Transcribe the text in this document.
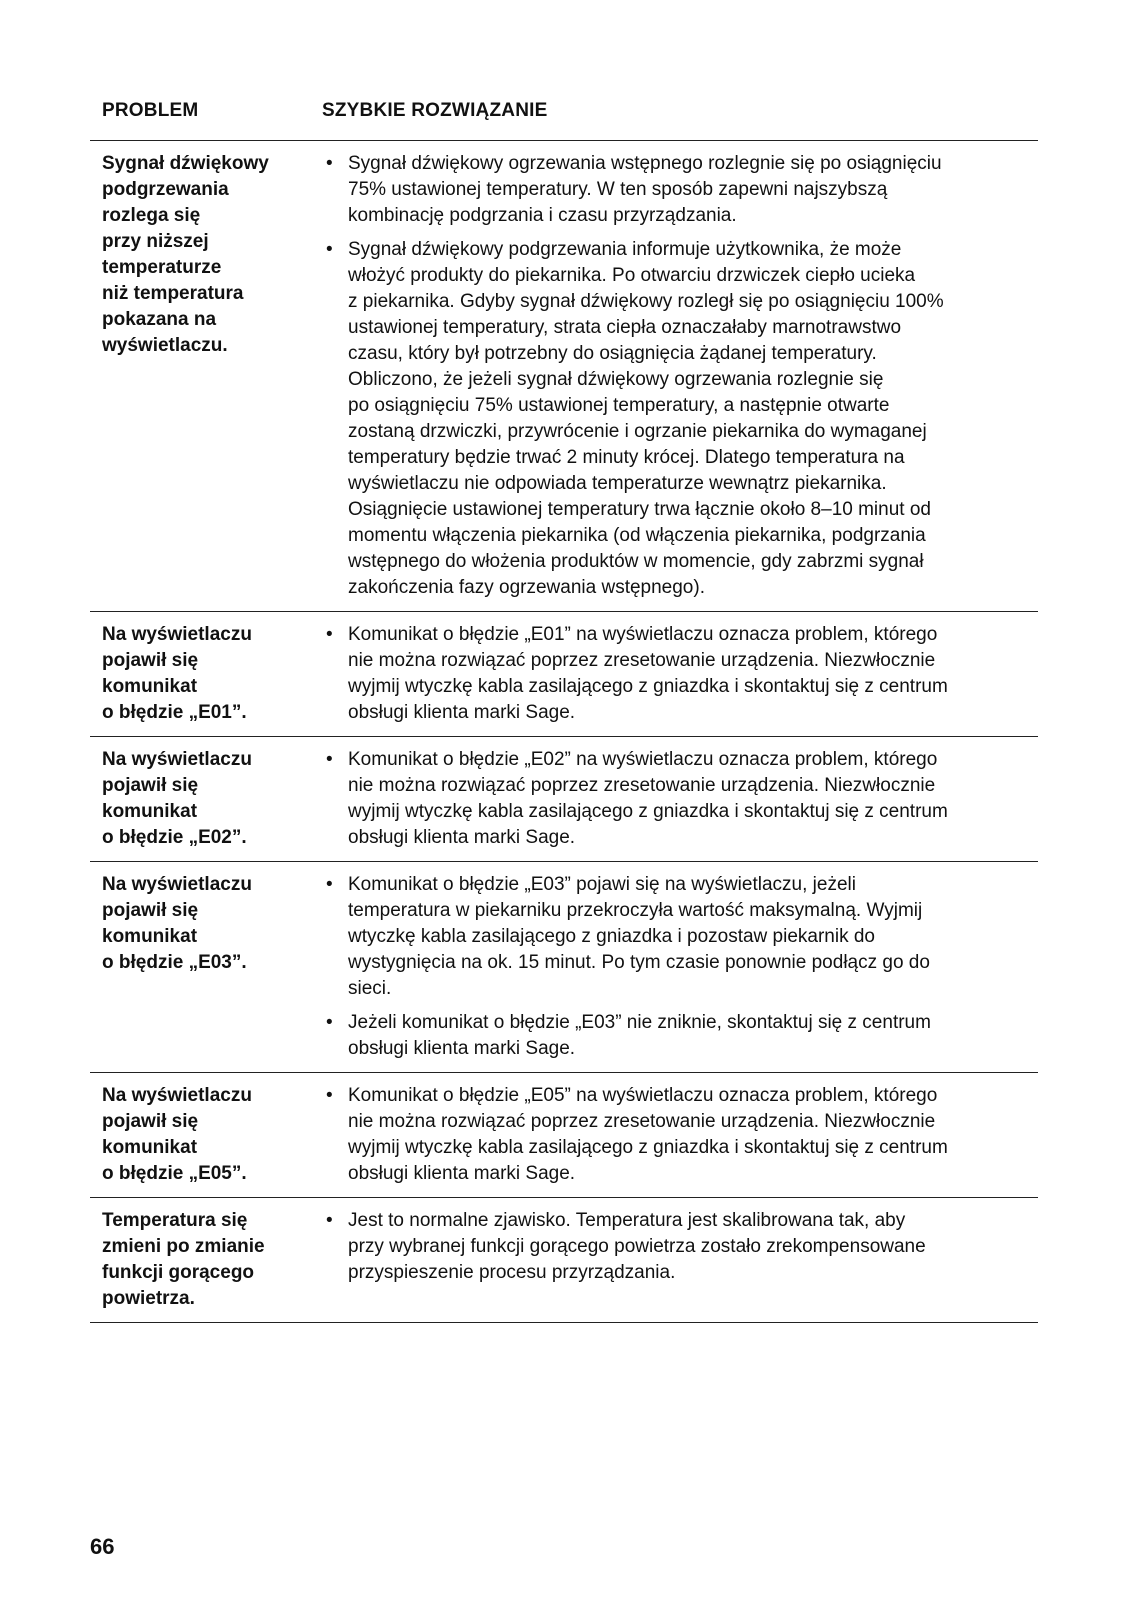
PROBLEM	SZYBKIE ROZWIĄZANIE
Sygnał dźwiękowy
podgrzewania
rozlega się
przy niższej
temperaturze
niż temperatura
pokazana na
wyświetlaczu.
• Sygnał dźwiękowy ogrzewania wstępnego rozlegnie się po osiągnięciu
75% ustawionej temperatury. W ten sposób zapewni najszybszą
kombinację podgrzania i czasu przyrządzania.
• Sygnał dźwiękowy podgrzewania informuje użytkownika, że może
włożyć produkty do piekarnika. Po otwarciu drzwiczek ciepło ucieka
z piekarnika. Gdyby sygnał dźwiękowy rozległ się po osiągnięciu 100%
ustawionej temperatury, strata ciepła oznaczałaby marnotrawstwo
czasu, który był potrzebny do osiągnięcia żądanej temperatury.
Obliczono, że jeżeli sygnał dźwiękowy ogrzewania rozlegnie się
po osiągnięciu 75% ustawionej temperatury, a następnie otwarte
zostaną drzwiczki, przywrócenie i ogrzanie piekarnika do wymaganej
temperatury będzie trwać 2 minuty krócej. Dlatego temperatura na
wyświetlaczu nie odpowiada temperaturze wewnątrz piekarnika.
Osiągnięcie ustawionej temperatury trwa łącznie około 8–10 minut od
momentu włączenia piekarnika (od włączenia piekarnika, podgrzania
wstępnego do włożenia produktów w momencie, gdy zabrzmi sygnał
zakończenia fazy ogrzewania wstępnego).
Na wyświetlaczu
pojawił się
komunikat
o błędzie „E01”.
• Komunikat o błędzie „E01” na wyświetlaczu oznacza problem, którego
nie można rozwiązać poprzez zresetowanie urządzenia. Niezwłocznie
wyjmij wtyczkę kabla zasilającego z gniazdka i skontaktuj się z centrum
obsługi klienta marki Sage.
Na wyświetlaczu
pojawił się
komunikat
o błędzie „E02”.
• Komunikat o błędzie „E02” na wyświetlaczu oznacza problem, którego
nie można rozwiązać poprzez zresetowanie urządzenia. Niezwłocznie
wyjmij wtyczkę kabla zasilającego z gniazdka i skontaktuj się z centrum
obsługi klienta marki Sage.
Na wyświetlaczu
pojawił się
komunikat
o błędzie „E03”.
• Komunikat o błędzie „E03” pojawi się na wyświetlaczu, jeżeli
temperatura w piekarniku przekroczyła wartość maksymalną. Wyjmij
wtyczkę kabla zasilającego z gniazdka i pozostaw piekarnik do
wystygnięcia na ok. 15 minut. Po tym czasie ponownie podłącz go do
sieci.
• Jeżeli komunikat o błędzie „E03” nie zniknie, skontaktuj się z centrum
obsługi klienta marki Sage.
Na wyświetlaczu
pojawił się
komunikat
o błędzie „E05”.
• Komunikat o błędzie „E05” na wyświetlaczu oznacza problem, którego
nie można rozwiązać poprzez zresetowanie urządzenia. Niezwłocznie
wyjmij wtyczkę kabla zasilającego z gniazdka i skontaktuj się z centrum
obsługi klienta marki Sage.
Temperatura się
zmieni po zmianie
funkcji gorącego
powietrza.
• Jest to normalne zjawisko. Temperatura jest skalibrowana tak, aby
przy wybranej funkcji gorącego powietrza zostało zrekompensowane
przyspieszenie procesu przyrządzania.
66
